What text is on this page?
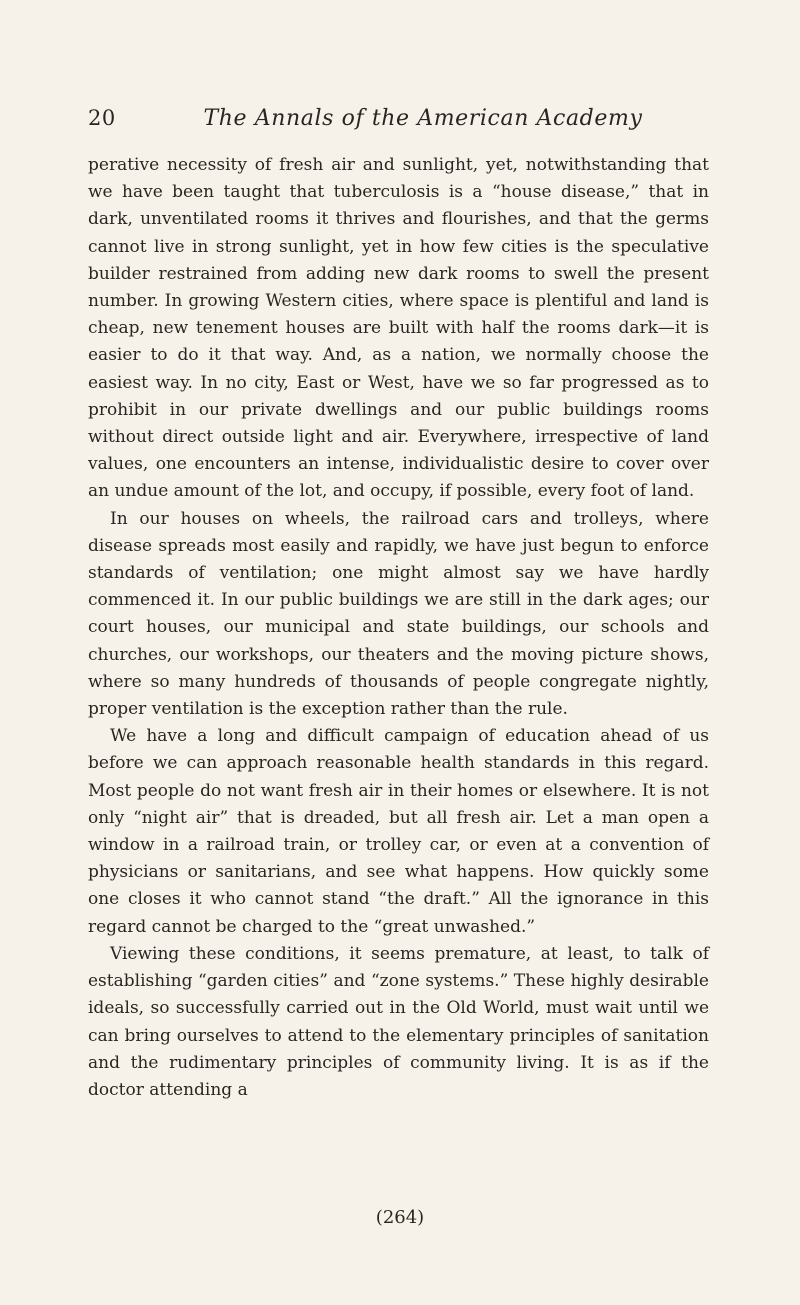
20	The Annals of the American Academy

perative necessity of fresh air and sunlight, yet, notwithstanding that we have been taught that tuberculosis is a “house disease,” that in dark, unventilated rooms it thrives and flourishes, and that the germs cannot live in strong sunlight, yet in how few cities is the speculative builder restrained from adding new dark rooms to swell the present number. In growing Western cities, where space is plentiful and land is cheap, new tenement houses are built with half the rooms dark—it is easier to do it that way. And, as a nation, we normally choose the easiest way. In no city, East or West, have we so far progressed as to prohibit in our private dwellings and our public buildings rooms without direct outside light and air. Everywhere, irrespective of land values, one encounters an intense, individualistic desire to cover over an undue amount of the lot, and occupy, if possible, every foot of land.

In our houses on wheels, the railroad cars and trolleys, where disease spreads most easily and rapidly, we have just begun to enforce standards of ventilation; one might almost say we have hardly commenced it. In our public buildings we are still in the dark ages; our court houses, our municipal and state buildings, our schools and churches, our workshops, our theaters and the moving picture shows, where so many hundreds of thousands of people congregate nightly, proper ventilation is the exception rather than the rule.

We have a long and difficult campaign of education ahead of us before we can approach reasonable health standards in this regard. Most people do not want fresh air in their homes or elsewhere. It is not only “night air” that is dreaded, but all fresh air. Let a man open a window in a railroad train, or trolley car, or even at a convention of physicians or sanitarians, and see what happens. How quickly some one closes it who cannot stand “the draft.” All the ignorance in this regard cannot be charged to the “great unwashed.”

Viewing these conditions, it seems premature, at least, to talk of establishing “garden cities” and “zone systems.” These highly desirable ideals, so successfully carried out in the Old World, must wait until we can bring ourselves to attend to the elementary principles of sanitation and the rudimentary principles of community living. It is as if the doctor attending a

(264)
